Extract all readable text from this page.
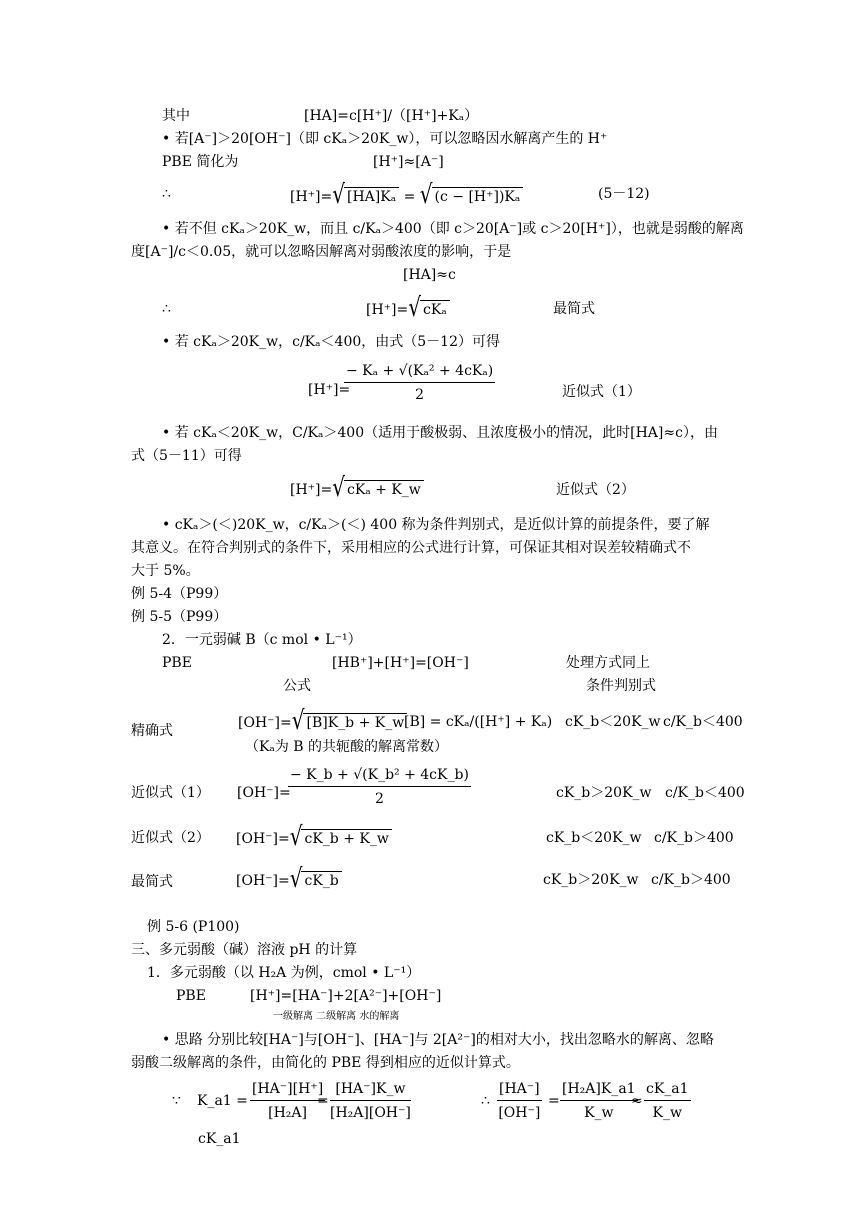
其中	[HA]=c[H⁺]/（[H⁺]+Kₐ）
• 若[A⁻]＞20[OH⁻]（即 cKₐ＞20K_w），可以忽略因水解离产生的 H⁺
PBE 简化为	[H⁺]≈[A⁻]
∴	[H⁺]=√ [HA]Kₐ = √ (c − [H⁺])Kₐ	(5－12)
• 若不但 cKₐ＞20K_w，而且 c/Kₐ＞400（即 c＞20[A⁻]或 c＞20[H⁺]），也就是弱酸的解离
度[A⁻]/c＜0.05，就可以忽略因解离对弱酸浓度的影响，于是
[HA]≈c
∴	[H⁺]=√ cKₐ	最简式
• 若 cKₐ＞20K_w，c/Kₐ＜400，由式（5－12）可得
[H⁺]=
− Kₐ + √(Kₐ² + 4cKₐ)
2	近似式（1）
• 若 cKₐ＜20K_w，C/Kₐ＞400（适用于酸极弱、且浓度极小的情况，此时[HA]≈c），由
式（5－11）可得
[H⁺]=√ cKₐ + K_w	近似式（2）
• cKₐ＞(＜)20K_w，c/Kₐ＞(＜) 400 称为条件判别式，是近似计算的前提条件，要了解
其意义。在符合判别式的条件下，采用相应的公式进行计算，可保证其相对误差较精确式不
大于 5%。
例 5-4（P99）
例 5-5（P99）
2．一元弱碱 B（c mol • L⁻¹）
PBE	[HB⁺]+[H⁺]=[OH⁻]	处理方式同上
公式	条件判别式
精确式	[OH⁻]=√ [B]K_b + K_w [B] = cKₐ/([H⁺] + Kₐ) cK_b＜20K_w c/K_b＜400
（Kₐ为 B 的共轭酸的解离常数）
近似式（1） [OH⁻]=
$\frac{\text{− K\_b + √(K\_b² + 4cK\_b)}}{2}$	cK_b＞20K_w c/K_b＜400
近似式（2） [OH⁻]=√ cK_b + K_w	cK_b＜20K_w c/K_b＞400
最简式	[OH⁻]=√ cK_b	cK_b＞20K_w c/K_b＞400
例 5-6 (P100)
三、多元弱酸（碱）溶液 pH 的计算
1．多元弱酸（以 H₂A 为例，cmol • L⁻¹）
PBE	[H⁺]=[HA⁻]+2[A²⁻]+[OH⁻]
一级解离 二级解离 水的解离
• 思路 分别比较[HA⁻]与[OH⁻]、[HA⁻]与 2[A²⁻]的相对大小，找出忽略水的解离、忽略
弱酸二级解离的条件，由简化的 PBE 得到相应的近似计算式。
∵ K_a1 = $\frac{[HA^-][H^+]}{\text{[H₂A]}}$
= $\frac{[HA^-]K\_w}{\text{[H₂A][OH⁻]}}$	∴ $\frac{[HA^-]}{[OH^-]} = \frac{\text{[H₂A]K\_a1}}{K\_w}$
≈ $\frac{cK\_a1}{K\_w}$
cK_a1
